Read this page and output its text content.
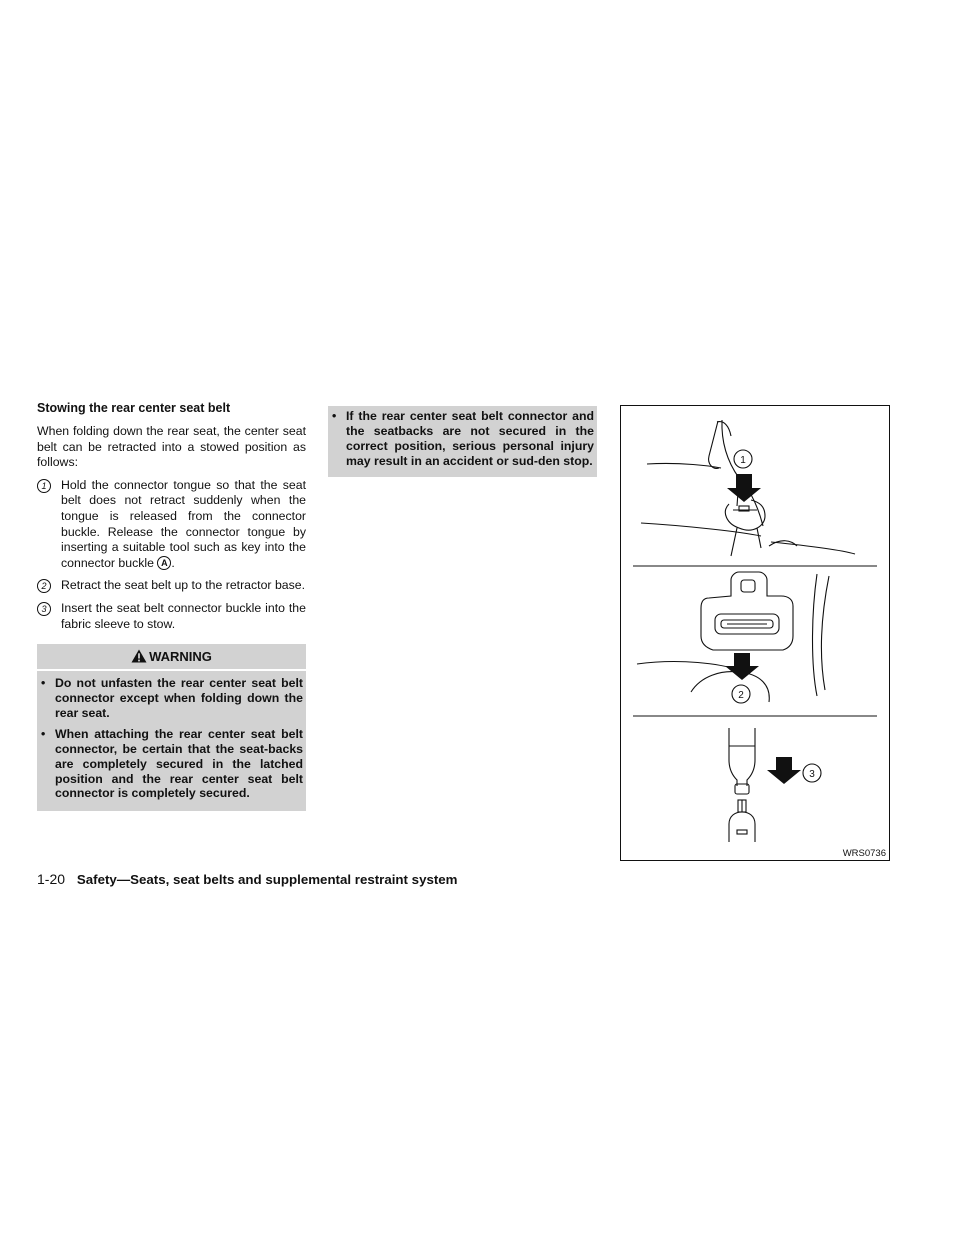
Stowing the rear center seat belt
When folding down the rear seat, the center seat belt can be retracted into a stowed position as follows:
1	Hold the connector tongue so that the seat belt does not retract suddenly when the tongue is released from the connector buckle. Release the connector tongue by inserting a suitable tool such as key into the connector buckle A .
2	Retract the seat belt up to the retractor base.
3	Insert the seat belt connector buckle into the fabric sleeve to stow.
WARNING
• Do not unfasten the rear center seat belt connector except when folding down the rear seat.
• When attaching the rear center seat belt connector, be certain that the seat-backs are completely secured in the latched position and the rear center seat belt connector is completely secured.
• If the rear center seat belt connector and the seatbacks are not secured in the correct position, serious personal injury may result in an accident or sud-den stop.	1
2
3
WRS0736
1-20 Safety—Seats, seat belts and supplemental restraint system
